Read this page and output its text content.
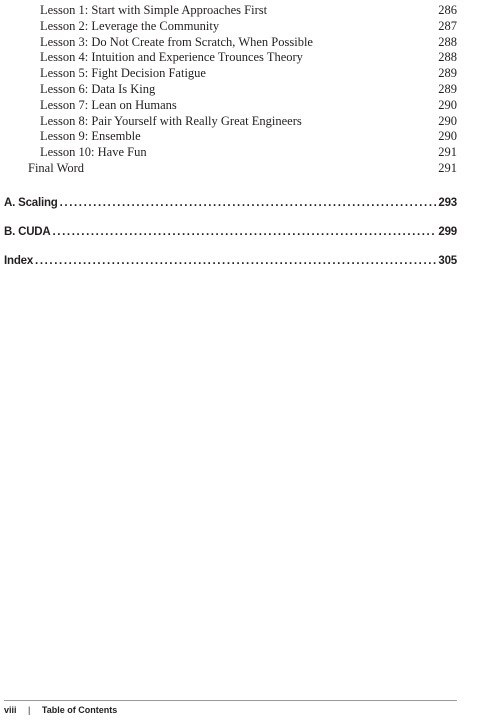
Lesson 1: Start with Simple Approaches First	286
Lesson 2: Leverage the Community	287
Lesson 3: Do Not Create from Scratch, When Possible	288
Lesson 4: Intuition and Experience Trounces Theory	288
Lesson 5: Fight Decision Fatigue	289
Lesson 6: Data Is King	289
Lesson 7: Lean on Humans	290
Lesson 8: Pair Yourself with Really Great Engineers	290
Lesson 9: Ensemble	290
Lesson 10: Have Fun	291
Final Word	291
A. Scaling .....	293
B. CUDA .....	299
Index .....	305
viii | Table of Contents
